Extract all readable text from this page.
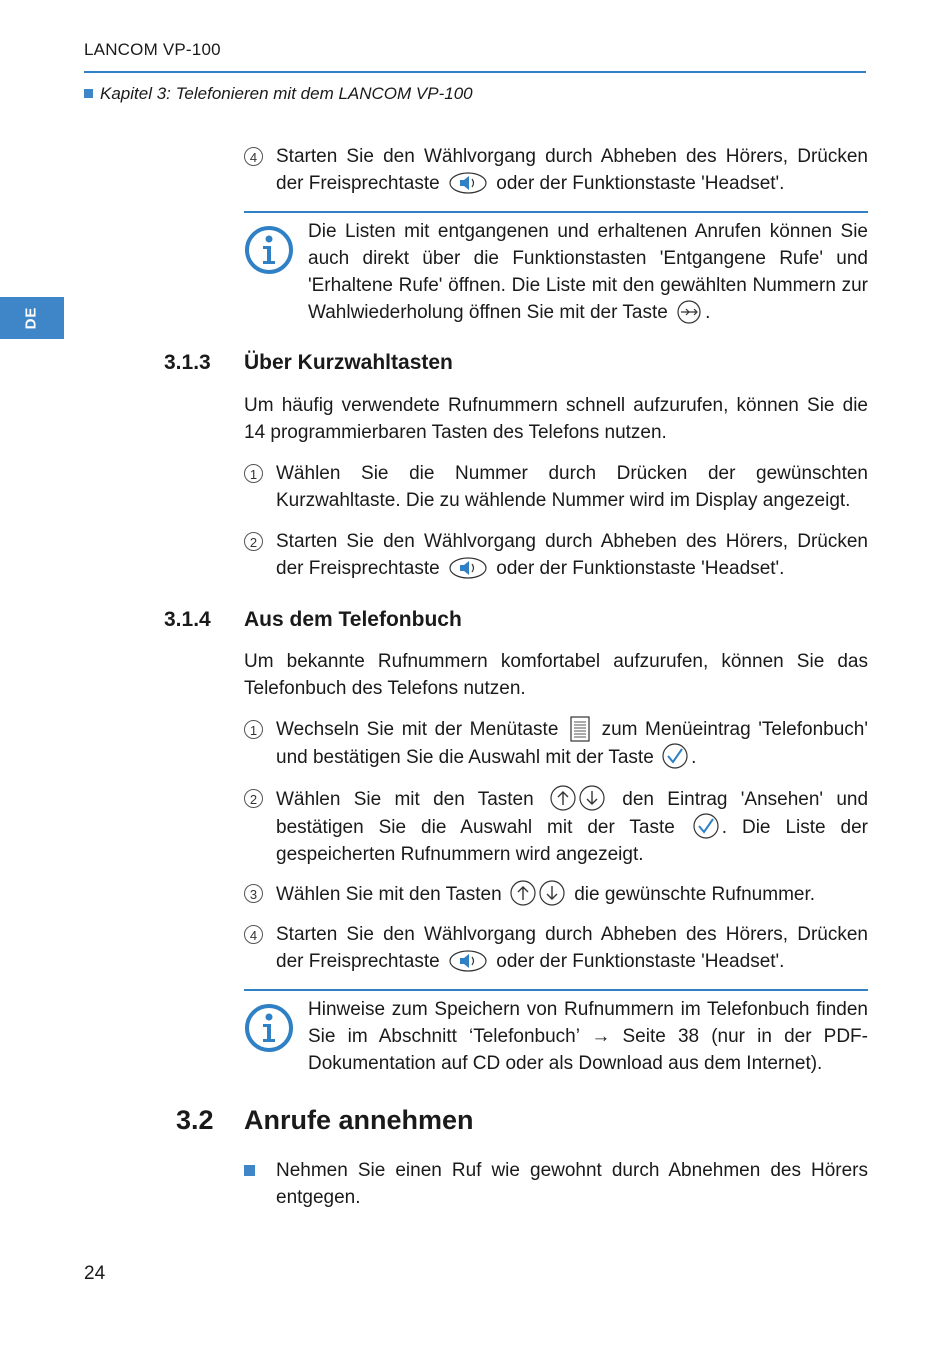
LANCOM VP-100
Kapitel 3: Telefonieren mit dem LANCOM VP-100
DE
4 Starten Sie den Wählvorgang durch Abheben des Hörers, Drücken der Freisprechtaste	oder der Funktionstaste 'Headset'.
Die Listen mit entgangenen und erhaltenen Anrufen können Sie auch direkt über die Funktionstasten 'Entgangene Rufe' und 'Erhaltene Rufe' öffnen. Die Liste mit den gewählten Nummern zur Wahlwiederholung öffnen Sie mit der Taste .
3.1.3 Über Kurzwahltasten
Um häufig verwendete Rufnummern schnell aufzurufen, können Sie die 14 programmierbaren Tasten des Telefons nutzen.
1 Wählen Sie die Nummer durch Drücken der gewünschten Kurzwahltaste. Die zu wählende Nummer wird im Display angezeigt.
2 Starten Sie den Wählvorgang durch Abheben des Hörers, Drücken der Freisprechtaste	oder der Funktionstaste 'Headset'.
3.1.4 Aus dem Telefonbuch
Um bekannte Rufnummern komfortabel aufzurufen, können Sie das Telefonbuch des Telefons nutzen.
1 Wechseln Sie mit der Menütaste zum Menüeintrag 'Telefonbuch' und bestätigen Sie die Auswahl mit der Taste .
2 Wählen Sie mit den Tasten	den Eintrag 'Ansehen' und bestätigen Sie die Auswahl mit der Taste . Die Liste der gespeicherten Rufnummern wird angezeigt.
3 Wählen Sie mit den Tasten	die gewünschte Rufnummer.
4 Starten Sie den Wählvorgang durch Abheben des Hörers, Drücken der Freisprechtaste	oder der Funktionstaste 'Headset'.
Hinweise zum Speichern von Rufnummern im Telefonbuch finden Sie im Abschnitt ‘Telefonbuch’ → Seite 38 (nur in der PDF-Dokumentation auf CD oder als Download aus dem Internet).
3.2 Anrufe annehmen
Nehmen Sie einen Ruf wie gewohnt durch Abnehmen des Hörers entgegen.
24
